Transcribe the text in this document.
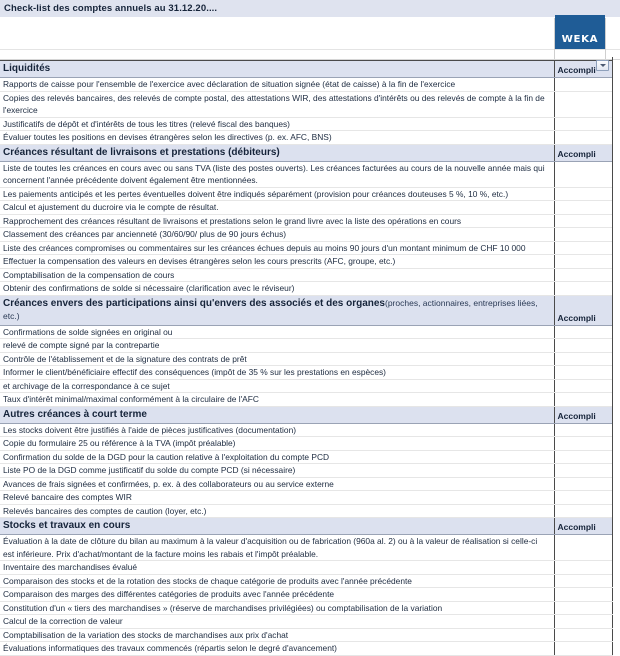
Check-list des comptes annuels au 31.12.20....
WEKA
Liquidités	Accompli	
Rapports de caisse pour l'ensemble de l'exercice avec déclaration de situation signée (état de caisse) à la fin de l'exercice		
Copies des relevés bancaires, des relevés de compte postal, des attestations WIR, des attestations d'intérêts ou des relevés de compte à la fin de l'exercice		
Justificatifs de dépôt et d'intérêts de tous les titres (relevé fiscal des banques)		
Évaluer toutes les positions en devises étrangères selon les directives (p. ex. AFC, BNS)		
Créances résultant de livraisons et prestations (débiteurs)	Accompli	
Liste de toutes les créances en cours avec ou sans TVA (liste des postes ouverts). Les créances facturées au cours de la nouvelle année mais qui concernent l'année précédente doivent également être mentionnées.		
Les paiements anticipés et les pertes éventuelles doivent être indiqués séparément (provision pour créances douteuses 5 %, 10 %, etc.)		
Calcul et ajustement du ducroire via le compte de résultat.		
Rapprochement des créances résultant de livraisons et prestations selon le grand livre avec la liste des opérations en cours		
Classement des créances par ancienneté (30/60/90/ plus de 90 jours échus)		
Liste des créances compromises ou commentaires sur les créances échues depuis au moins 90 jours d'un montant minimum de CHF 10 000		
Effectuer la compensation des valeurs en devises étrangères selon les cours prescrits (AFC, groupe, etc.)		
Comptabilisation de la compensation de cours		
Obtenir des confirmations de solde si nécessaire (clarification avec le réviseur)		
Créances envers des participations ainsi qu'envers des associés et des organes(proches, actionnaires, entreprises liées, etc.)	Accompli	
Confirmations de solde signées en original ou		
relevé de compte signé par la contrepartie		
Contrôle de l'établissement et de la signature des contrats de prêt		
Informer le client/bénéficiaire effectif des conséquences (impôt de 35 % sur les prestations en espèces)		
et archivage de la correspondance à ce sujet		
Taux d'intérêt minimal/maximal conformément à la circulaire de l'AFC		
Autres créances à court terme	Accompli	
Les stocks doivent être justifiés à l'aide de pièces justificatives (documentation)		
Copie du formulaire 25 ou référence à la TVA (impôt préalable)		
Confirmation du solde de la DGD pour la caution relative à l'exploitation du compte PCD		
Liste PO de la DGD comme justificatif du solde du compte PCD (si nécessaire)		
Avances de frais signées et confirmées, p. ex. à des collaborateurs ou au service externe		
Relevé bancaire des comptes WIR		
Relevés bancaires des comptes de caution (loyer, etc.)		
Stocks et travaux en cours	Accompli	
Évaluation à la date de clôture du bilan au maximum à la valeur d'acquisition ou de fabrication (960a al. 2) ou à la valeur de réalisation si celle-ci est inférieure. Prix d'achat/montant de la facture moins les rabais et l'impôt préalable.		
Inventaire des marchandises évalué		
Comparaison des stocks et de la rotation des stocks de chaque catégorie de produits avec l'année précédente		
Comparaison des marges des différentes catégories de produits avec l'année précédente		
Constitution d'un « tiers des marchandises » (réserve de marchandises privilégiées) ou comptabilisation de la variation		
Calcul de la correction de valeur		
Comptabilisation de la variation des stocks de marchandises aux prix d'achat		
Évaluations informatiques des travaux commencés (répartis selon le degré d'avancement)		
